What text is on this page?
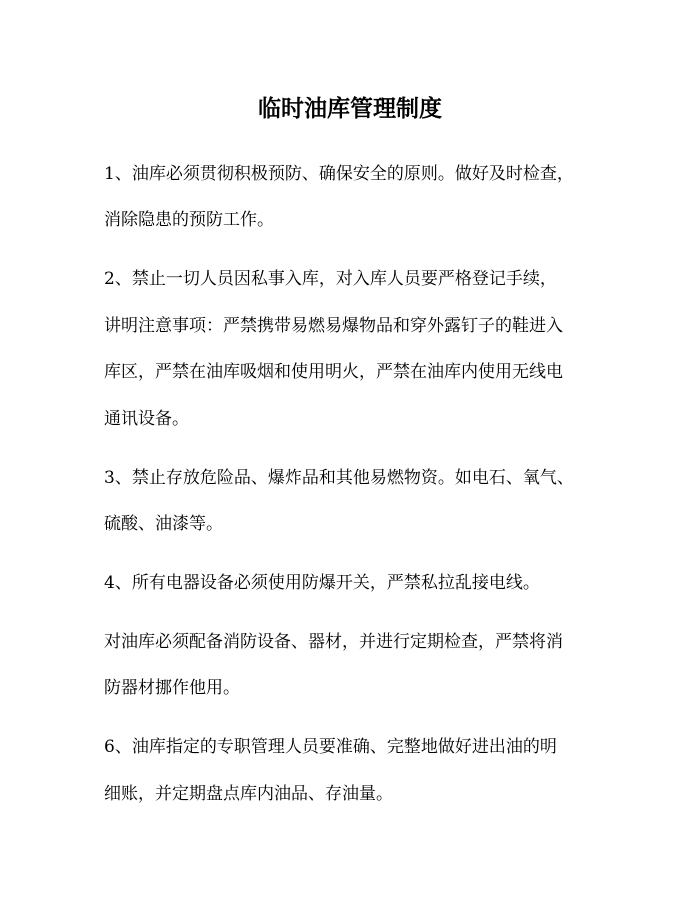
临时油库管理制度

1、油库必须贯彻积极预防、确保安全的原则。做好及时检查，

消除隐患的预防工作。

2、禁止一切人员因私事入库，对入库人员要严格登记手续，

讲明注意事项：严禁携带易燃易爆物品和穿外露钉子的鞋进入

库区，严禁在油库吸烟和使用明火，严禁在油库内使用无线电

通讯设备。

3、禁止存放危险品、爆炸品和其他易燃物资。如电石、氧气、

硫酸、油漆等。

4、所有电器设备必须使用防爆开关，严禁私拉乱接电线。

对油库必须配备消防设备、器材，并进行定期检查，严禁将消

防器材挪作他用。

6、油库指定的专职管理人员要准确、完整地做好进出油的明

细账，并定期盘点库内油品、存油量。
